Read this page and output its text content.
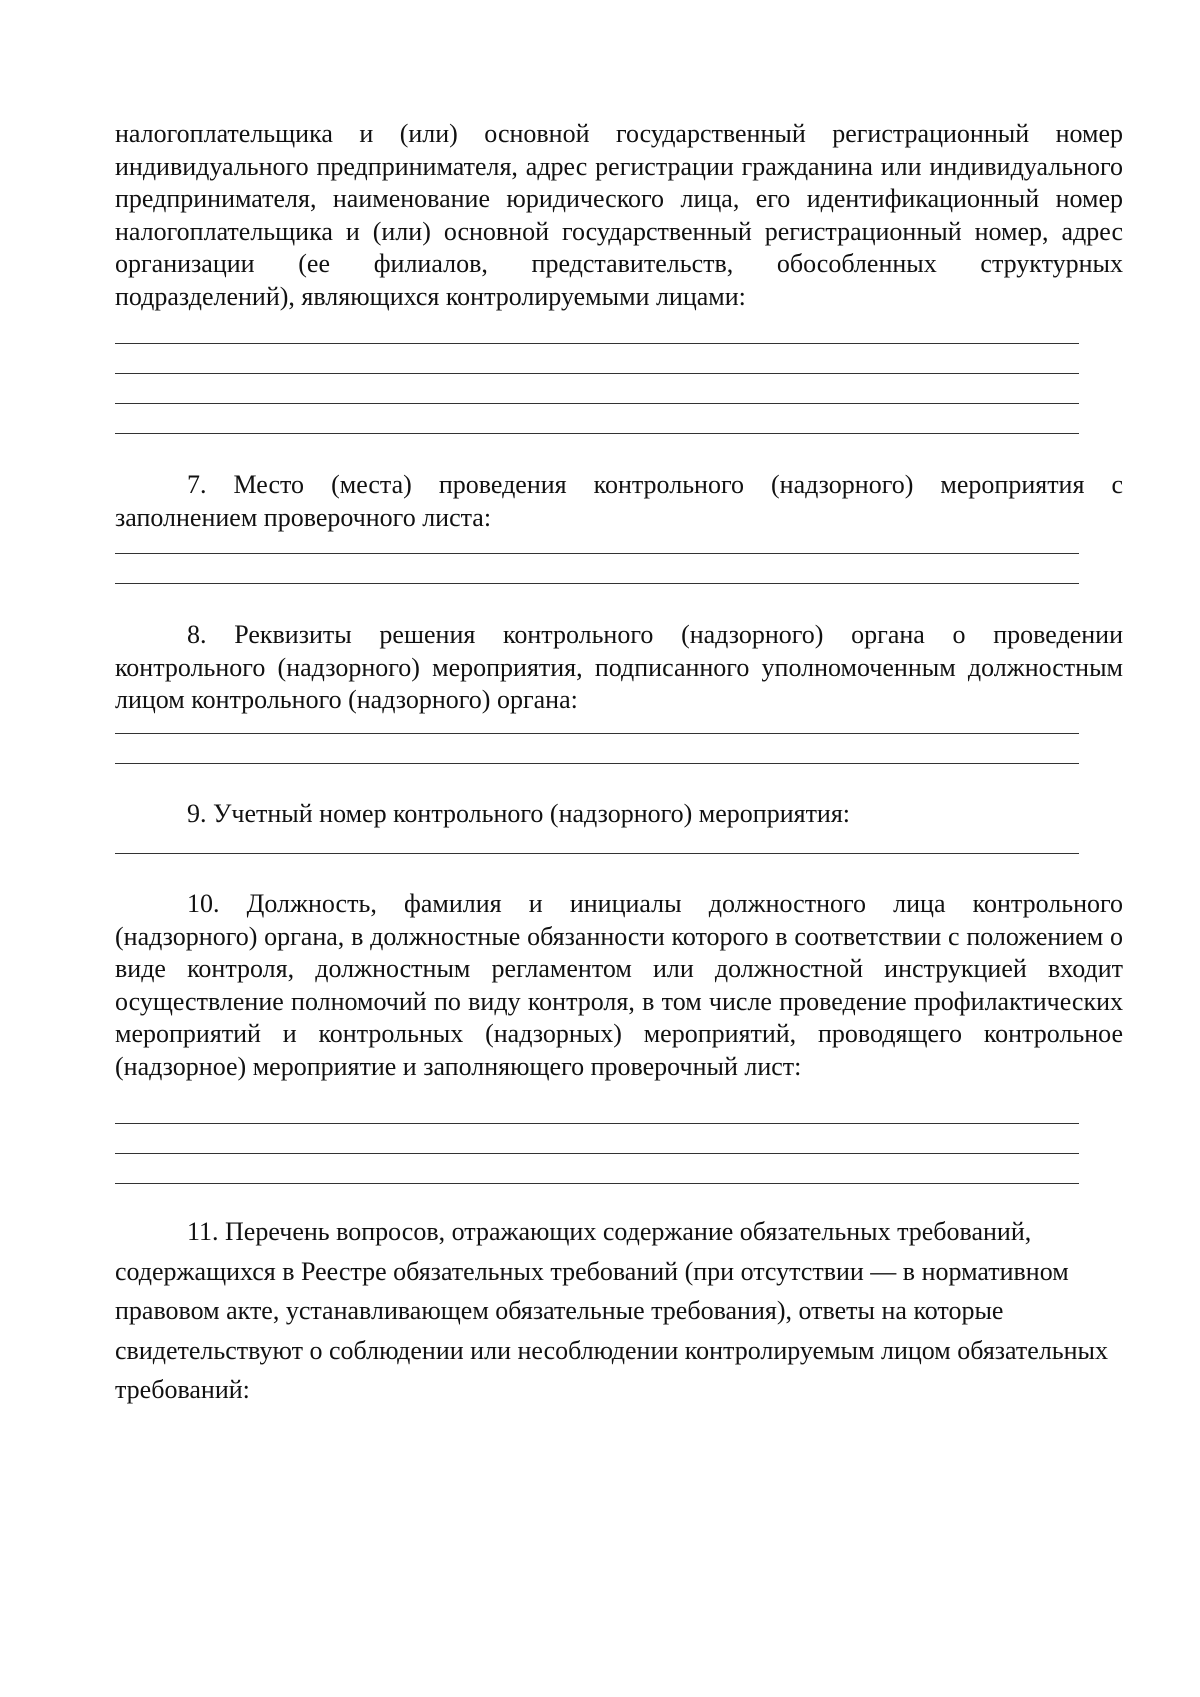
налогоплательщика и (или) основной государственный регистрационный номер индивидуального предпринимателя, адрес регистрации гражданина или индивидуального предпринимателя, наименование юридического лица, его идентификационный номер налогоплательщика и (или) основной государственный регистрационный номер, адрес организации (ее филиалов, представительств, обособленных структурных подразделений), являющихся контролируемыми лицами:

7. Место (места) проведения контрольного (надзорного) мероприятия с заполнением проверочного листа:

8. Реквизиты решения контрольного (надзорного) органа о проведении контрольного (надзорного) мероприятия, подписанного уполномоченным должностным лицом контрольного (надзорного) органа:

9. Учетный номер контрольного (надзорного) мероприятия:

10. Должность, фамилия и инициалы должностного лица контрольного (надзорного) органа, в должностные обязанности которого в соответствии с положением о виде контроля, должностным регламентом или должностной инструкцией входит осуществление полномочий по виду контроля, в том числе проведение профилактических мероприятий и контрольных (надзорных) мероприятий, проводящего контрольное (надзорное) мероприятие и заполняющего проверочный лист:

11. Перечень вопросов, отражающих содержание обязательных требований, содержащихся в Реестре обязательных требований (при отсутствии — в нормативном правовом акте, устанавливающем обязательные требования), ответы на которые свидетельствуют о соблюдении или несоблюдении контролируемым лицом обязательных требований:
